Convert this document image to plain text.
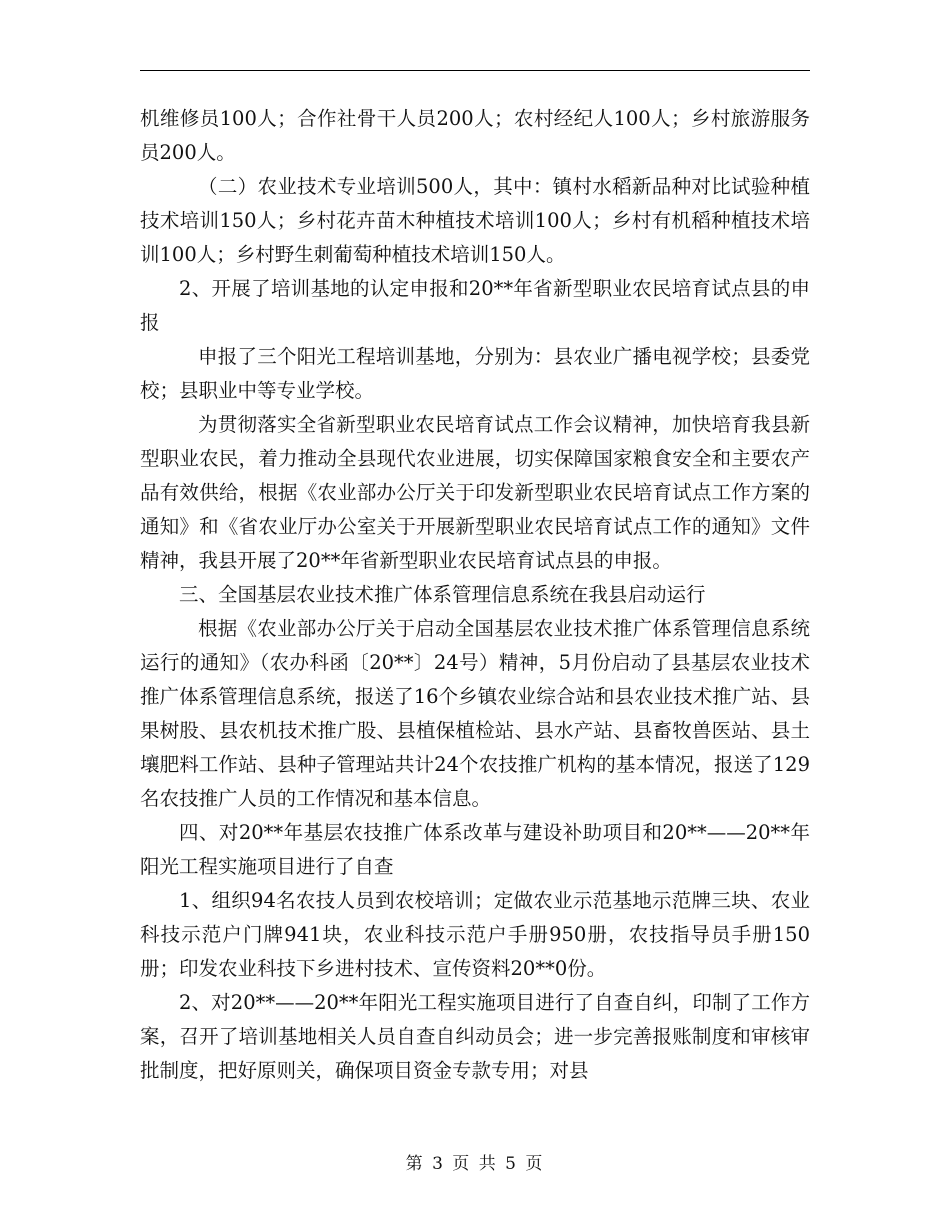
机维修员100人；合作社骨干人员200人；农村经纪人100人；乡村旅游服务员200人。

（二）农业技术专业培训500人，其中：镇村水稻新品种对比试验种植技术培训150人；乡村花卉苗木种植技术培训100人；乡村有机稻种植技术培训100人；乡村野生刺葡萄种植技术培训150人。

2、开展了培训基地的认定申报和20**年省新型职业农民培育试点县的申报

申报了三个阳光工程培训基地，分别为：县农业广播电视学校；县委党校；县职业中等专业学校。

为贯彻落实全省新型职业农民培育试点工作会议精神，加快培育我县新型职业农民，着力推动全县现代农业进展，切实保障国家粮食安全和主要农产品有效供给，根据《农业部办公厅关于印发新型职业农民培育试点工作方案的通知》和《省农业厅办公室关于开展新型职业农民培育试点工作的通知》文件精神，我县开展了20**年省新型职业农民培育试点县的申报。

三、全国基层农业技术推广体系管理信息系统在我县启动运行

根据《农业部办公厅关于启动全国基层农业技术推广体系管理信息系统运行的通知》（农办科函〔20**〕24号）精神，5月份启动了县基层农业技术推广体系管理信息系统，报送了16个乡镇农业综合站和县农业技术推广站、县果树股、县农机技术推广股、县植保植检站、县水产站、县畜牧兽医站、县土壤肥料工作站、县种子管理站共计24个农技推广机构的基本情况，报送了129名农技推广人员的工作情况和基本信息。

四、对20**年基层农技推广体系改革与建设补助项目和20**——20**年阳光工程实施项目进行了自查

1、组织94名农技人员到农校培训；定做农业示范基地示范牌三块、农业科技示范户门牌941块，农业科技示范户手册950册，农技指导员手册150册；印发农业科技下乡进村技术、宣传资料20**0份。

2、对20**——20**年阳光工程实施项目进行了自查自纠，印制了工作方案，召开了培训基地相关人员自查自纠动员会；进一步完善报账制度和审核审批制度，把好原则关，确保项目资金专款专用；对县

第 3 页 共 5 页
